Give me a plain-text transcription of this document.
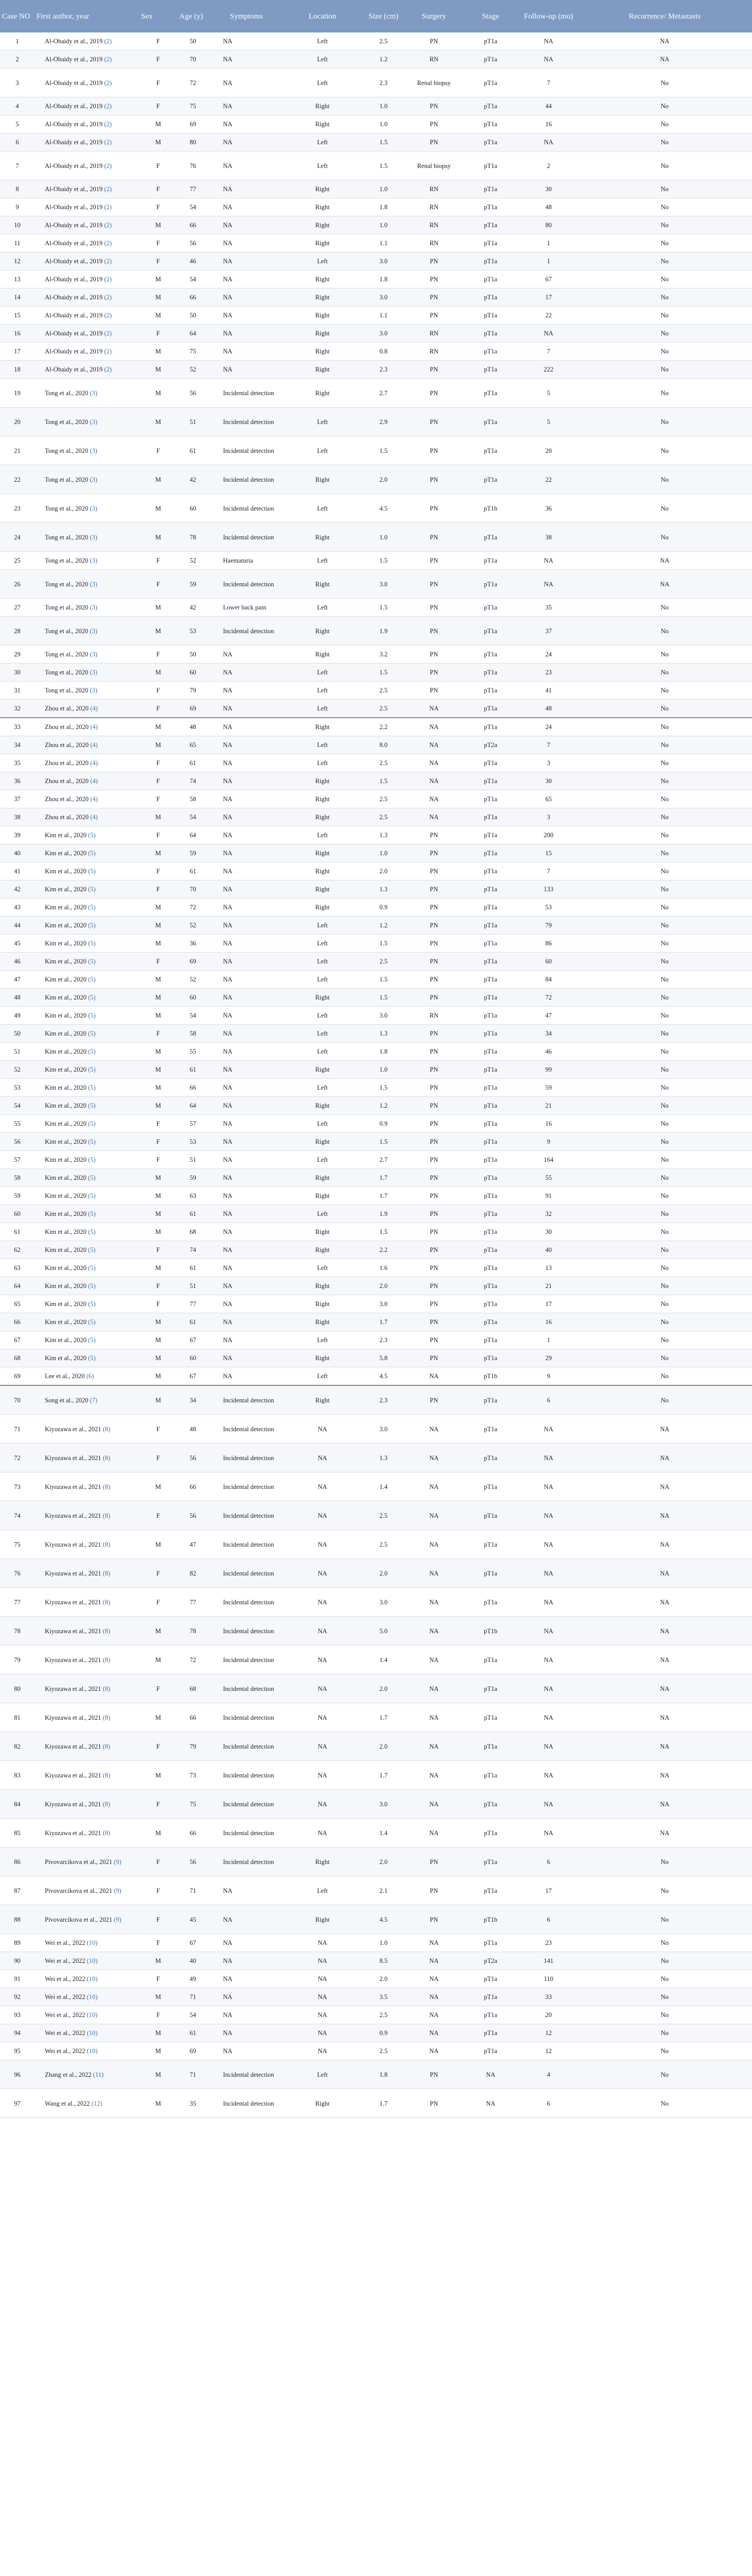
Case NO	First author, year	Sex	Age (y)	Symptoms	Location	Size (cm)	Surgery	Stage	Follow-up (mo)	Recurrence/ Metastasis
1	Al-Obaidy et al., 2019 (2)	F	50	NA	Left	2.5	PN	pT1a	NA	NA
2	Al-Obaidy et al., 2019 (2)	F	70	NA	Left	1.2	RN	pT1a	NA	NA
3	Al-Obaidy et al., 2019 (2)	F	72	NA	Left	2.3	Renal biopsy	pT1a	7	No
4	Al-Obaidy et al., 2019 (2)	F	75	NA	Right	1.0	PN	pT1a	44	No
5	Al-Obaidy et al., 2019 (2)	M	69	NA	Right	1.0	PN	pT1a	16	No
6	Al-Obaidy et al., 2019 (2)	M	80	NA	Left	1.5	PN	pT1a	NA	No
7	Al-Obaidy et al., 2019 (2)	F	76	NA	Left	1.5	Renal biopsy	pT1a	2	No
8	Al-Obaidy et al., 2019 (2)	F	77	NA	Right	1.0	RN	pT1a	30	No
9	Al-Obaidy et al., 2019 (2)	F	54	NA	Right	1.8	RN	pT1a	48	No
10	Al-Obaidy et al., 2019 (2)	M	66	NA	Right	1.0	RN	pT1a	80	No
11	Al-Obaidy et al., 2019 (2)	F	56	NA	Right	1.1	RN	pT1a	1	No
12	Al-Obaidy et al., 2019 (2)	F	46	NA	Left	3.0	PN	pT1a	1	No
13	Al-Obaidy et al., 2019 (2)	M	54	NA	Right	1.8	PN	pT1a	67	No
14	Al-Obaidy et al., 2019 (2)	M	66	NA	Right	3.0	PN	pT1a	17	No
15	Al-Obaidy et al., 2019 (2)	M	50	NA	Right	1.1	PN	pT1a	22	No
16	Al-Obaidy et al., 2019 (2)	F	64	NA	Right	3.0	RN	pT1a	NA	No
17	Al-Obaidy et al., 2019 (2)	M	75	NA	Right	0.8	RN	pT1a	7	No
18	Al-Obaidy et al., 2019 (2)	M	52	NA	Right	2.3	PN	pT1a	222	No
19	Tong et al., 2020 (3)	M	56	Incidental detection	Right	2.7	PN	pT1a	5	No
20	Tong et al., 2020 (3)	M	51	Incidental detection	Left	2.9	PN	pT1a	5	No
21	Tong et al., 2020 (3)	F	61	Incidental detection	Left	1.5	PN	pT1a	20	No
22	Tong et al., 2020 (3)	M	42	Incidental detection	Right	2.0	PN	pT1a	22	No
23	Tong et al., 2020 (3)	M	60	Incidental detection	Left	4.5	PN	pT1b	36	No
24	Tong et al., 2020 (3)	M	78	Incidental detection	Right	1.0	PN	pT1a	38	No
25	Tong et al., 2020 (3)	F	52	Haematuria	Left	1.5	PN	pT1a	NA	NA
26	Tong et al., 2020 (3)	F	59	Incidental detection	Right	3.0	PN	pT1a	NA	NA
27	Tong et al., 2020 (3)	M	42	Lower back pain	Left	1.5	PN	pT1a	35	No
28	Tong et al., 2020 (3)	M	53	Incidental detection	Right	1.9	PN	pT1a	37	No
29	Tong et al., 2020 (3)	F	50	NA	Right	3.2	PN	pT1a	24	No
30	Tong et al., 2020 (3)	M	60	NA	Left	1.5	PN	pT1a	23	No
31	Tong et al., 2020 (3)	F	79	NA	Left	2.5	PN	pT1a	41	No
32	Zhou et al., 2020 (4)	F	69	NA	Left	2.5	NA	pT1a	48	No
33	Zhou et al., 2020 (4)	M	48	NA	Right	2.2	NA	pT1a	24	No
34	Zhou et al., 2020 (4)	M	65	NA	Left	8.0	NA	pT2a	7	No
35	Zhou et al., 2020 (4)	F	61	NA	Left	2.5	NA	pT1a	3	No
36	Zhou et al., 2020 (4)	F	74	NA	Right	1.5	NA	pT1a	30	No
37	Zhou et al., 2020 (4)	F	58	NA	Right	2.5	NA	pT1a	65	No
38	Zhou et al., 2020 (4)	M	54	NA	Right	2.5	NA	pT1a	3	No
39	Kim et al., 2020 (5)	F	64	NA	Left	1.3	PN	pT1a	200	No
40	Kim et al., 2020 (5)	M	59	NA	Right	1.0	PN	pT1a	15	No
41	Kim et al., 2020 (5)	F	61	NA	Right	2.0	PN	pT1a	7	No
42	Kim et al., 2020 (5)	F	70	NA	Right	1.3	PN	pT1a	133	No
43	Kim et al., 2020 (5)	M	72	NA	Right	0.9	PN	pT1a	53	No
44	Kim et al., 2020 (5)	M	52	NA	Left	1.2	PN	pT1a	79	No
45	Kim et al., 2020 (5)	M	36	NA	Left	1.5	PN	pT1a	86	No
46	Kim et al., 2020 (5)	F	69	NA	Left	2.5	PN	pT1a	60	No
47	Kim et al., 2020 (5)	M	52	NA	Left	1.5	PN	pT1a	84	No
48	Kim et al., 2020 (5)	M	60	NA	Right	1.5	PN	pT1a	72	No
49	Kim et al., 2020 (5)	M	54	NA	Left	3.0	RN	pT1a	47	No
50	Kim et al., 2020 (5)	F	58	NA	Left	1.3	PN	pT1a	34	No
51	Kim et al., 2020 (5)	M	55	NA	Left	1.8	PN	pT1a	46	No
52	Kim et al., 2020 (5)	M	61	NA	Right	1.0	PN	pT1a	99	No
53	Kim et al., 2020 (5)	M	66	NA	Left	1.5	PN	pT1a	59	No
54	Kim et al., 2020 (5)	M	64	NA	Right	1.2	PN	pT1a	21	No
55	Kim et al., 2020 (5)	F	57	NA	Left	0.9	PN	pT1a	16	No
56	Kim et al., 2020 (5)	F	53	NA	Right	1.5	PN	pT1a	9	No
57	Kim et al., 2020 (5)	F	51	NA	Left	2.7	PN	pT1a	164	No
58	Kim et al., 2020 (5)	M	59	NA	Right	1.7	PN	pT1a	55	No
59	Kim et al., 2020 (5)	M	63	NA	Right	1.7	PN	pT1a	91	No
60	Kim et al., 2020 (5)	M	61	NA	Left	1.9	PN	pT1a	32	No
61	Kim et al., 2020 (5)	M	68	NA	Right	1.5	PN	pT1a	30	No
62	Kim et al., 2020 (5)	F	74	NA	Right	2.2	PN	pT1a	40	No
63	Kim et al., 2020 (5)	M	61	NA	Left	1.6	PN	pT1a	13	No
64	Kim et al., 2020 (5)	F	51	NA	Right	2.0	PN	pT1a	21	No
65	Kim et al., 2020 (5)	F	77	NA	Right	3.0	PN	pT1a	17	No
66	Kim et al., 2020 (5)	M	61	NA	Right	1.7	PN	pT1a	16	No
67	Kim et al., 2020 (5)	M	67	NA	Left	2.3	PN	pT1a	1	No
68	Kim et al., 2020 (5)	M	60	NA	Right	5.8	PN	pT1a	29	No
69	Lee et al., 2020 (6)	M	67	NA	Left	4.5	NA	pT1b	9	No
70	Song et al., 2020 (7)	M	34	Incidental detection	Right	2.3	PN	pT1a	6	No
71	Kiyozawa et al., 2021 (8)	F	48	Incidental detection	NA	3.0	NA	pT1a	NA	NA
72	Kiyozawa et al., 2021 (8)	F	56	Incidental detection	NA	1.3	NA	pT1a	NA	NA
73	Kiyozawa et al., 2021 (8)	M	66	Incidental detection	NA	1.4	NA	pT1a	NA	NA
74	Kiyozawa et al., 2021 (8)	F	56	Incidental detection	NA	2.5	NA	pT1a	NA	NA
75	Kiyozawa et al., 2021 (8)	M	47	Incidental detection	NA	2.5	NA	pT1a	NA	NA
76	Kiyozawa et al., 2021 (8)	F	82	Incidental detection	NA	2.0	NA	pT1a	NA	NA
77	Kiyozawa et al., 2021 (8)	F	77	Incidental detection	NA	3.0	NA	pT1a	NA	NA
78	Kiyozawa et al., 2021 (8)	M	78	Incidental detection	NA	5.0	NA	pT1b	NA	NA
79	Kiyozawa et al., 2021 (8)	M	72	Incidental detection	NA	1.4	NA	pT1a	NA	NA
80	Kiyozawa et al., 2021 (8)	F	68	Incidental detection	NA	2.0	NA	pT1a	NA	NA
81	Kiyozawa et al., 2021 (8)	M	66	Incidental detection	NA	1.7	NA	pT1a	NA	NA
82	Kiyozawa et al., 2021 (8)	F	79	Incidental detection	NA	2.0	NA	pT1a	NA	NA
83	Kiyozawa et al., 2021 (8)	M	73	Incidental detection	NA	1.7	NA	pT1a	NA	NA
84	Kiyozawa et al., 2021 (8)	F	75	Incidental detection	NA	3.0	NA	pT1a	NA	NA
85	Kiyozawa et al., 2021 (8)	M	66	Incidental detection	NA	1.4	NA	pT1a	NA	NA
86	Pivovarcikova et al., 2021 (9)	F	56	Incidental detection	Right	2.0	PN	pT1a	6	No
87	Pivovarcikova et al., 2021 (9)	F	71	NA	Left	2.1	PN	pT1a	17	No
88	Pivovarcikova et al., 2021 (9)	F	45	NA	Right	4.5	PN	pT1b	6	No
89	Wei et al., 2022 (10)	F	67	NA	NA	1.0	NA	pT1a	23	No
90	Wei et al., 2022 (10)	M	40	NA	NA	8.5	NA	pT2a	141	No
91	Wei et al., 2022 (10)	F	49	NA	NA	2.0	NA	pT1a	110	No
92	Wei et al., 2022 (10)	M	71	NA	NA	3.5	NA	pT1a	33	No
93	Wei et al., 2022 (10)	F	54	NA	NA	2.5	NA	pT1a	20	No
94	Wei et al., 2022 (10)	M	61	NA	NA	0.9	NA	pT1a	12	No
95	Wei et al., 2022 (10)	M	69	NA	NA	2.5	NA	pT1a	12	No
96	Zhang et al., 2022 (11)	M	71	Incidental detection	Left	1.8	PN	NA	4	No
97	Wang et al., 2022 (12)	M	35	Incidental detection	Right	1.7	PN	NA	6	No
